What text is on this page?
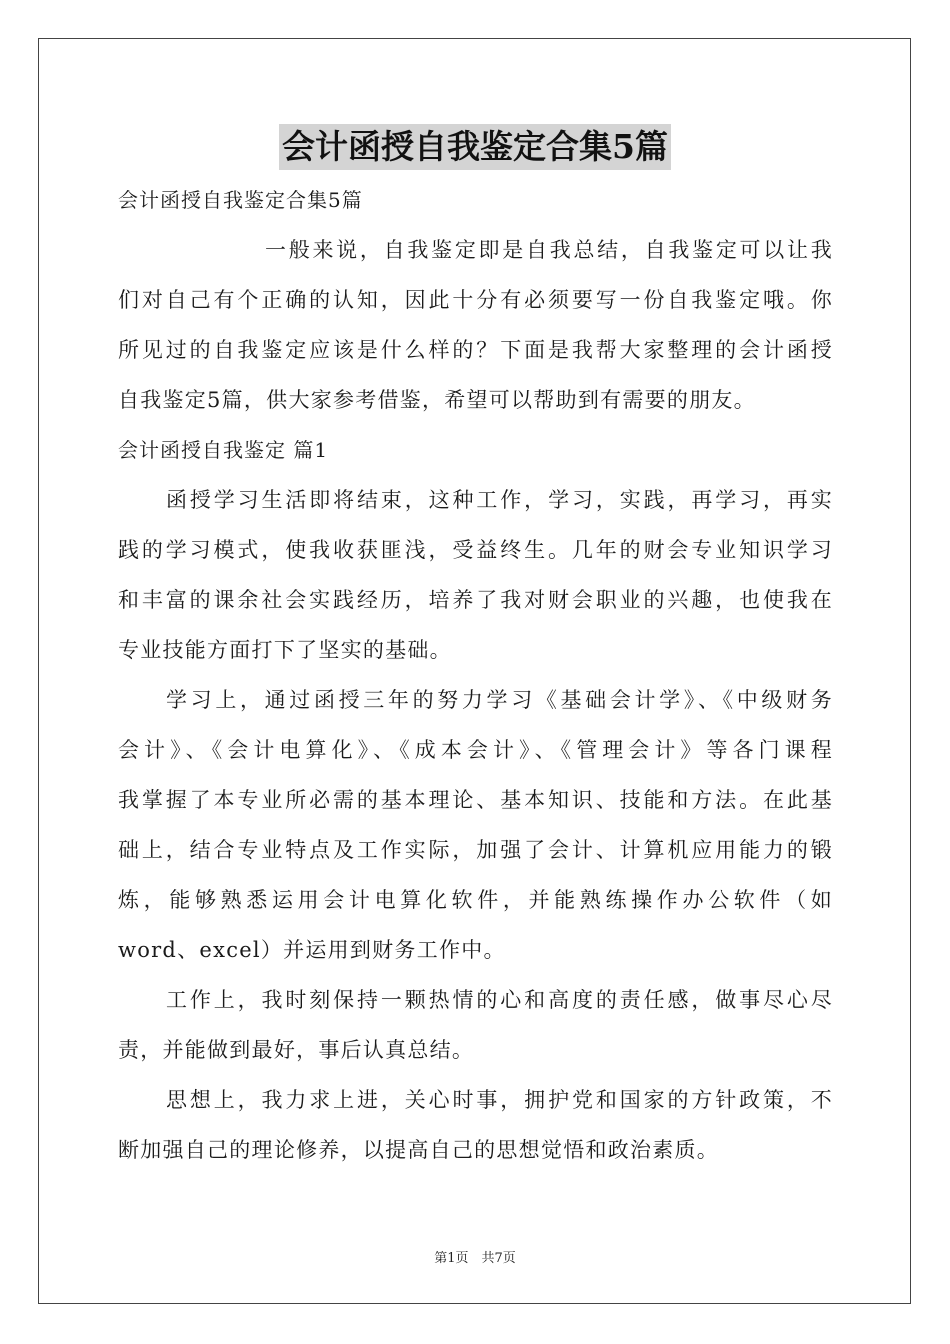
会计函授自我鉴定合集5篇

会计函授自我鉴定合集5篇

一般来说，自我鉴定即是自我总结，自我鉴定可以让我

们对自己有个正确的认知，因此十分有必须要写一份自我鉴定哦。你

所见过的自我鉴定应该是什么样的？下面是我帮大家整理的会计函授

自我鉴定5篇，供大家参考借鉴，希望可以帮助到有需要的朋友。

会计函授自我鉴定 篇1

函授学习生活即将结束，这种工作，学习，实践，再学习，再实

践的学习模式，使我收获匪浅，受益终生。几年的财会专业知识学习

和丰富的课余社会实践经历，培养了我对财会职业的兴趣，也使我在

专业技能方面打下了坚实的基础。

学习上，通过函授三年的努力学习《基础会计学》、《中级财务

会计》、《会计电算化》、《成本会计》、《管理会计》等各门课程

我掌握了本专业所必需的基本理论、基本知识、技能和方法。在此基

础上，结合专业特点及工作实际，加强了会计、计算机应用能力的锻

炼，能够熟悉运用会计电算化软件，并能熟练操作办公软件（如

word、excel）并运用到财务工作中。

工作上，我时刻保持一颗热情的心和高度的责任感，做事尽心尽

责，并能做到最好，事后认真总结。

思想上，我力求上进，关心时事，拥护党和国家的方针政策，不

断加强自己的理论修养，以提高自己的思想觉悟和政治素质。

第1页　共7页
